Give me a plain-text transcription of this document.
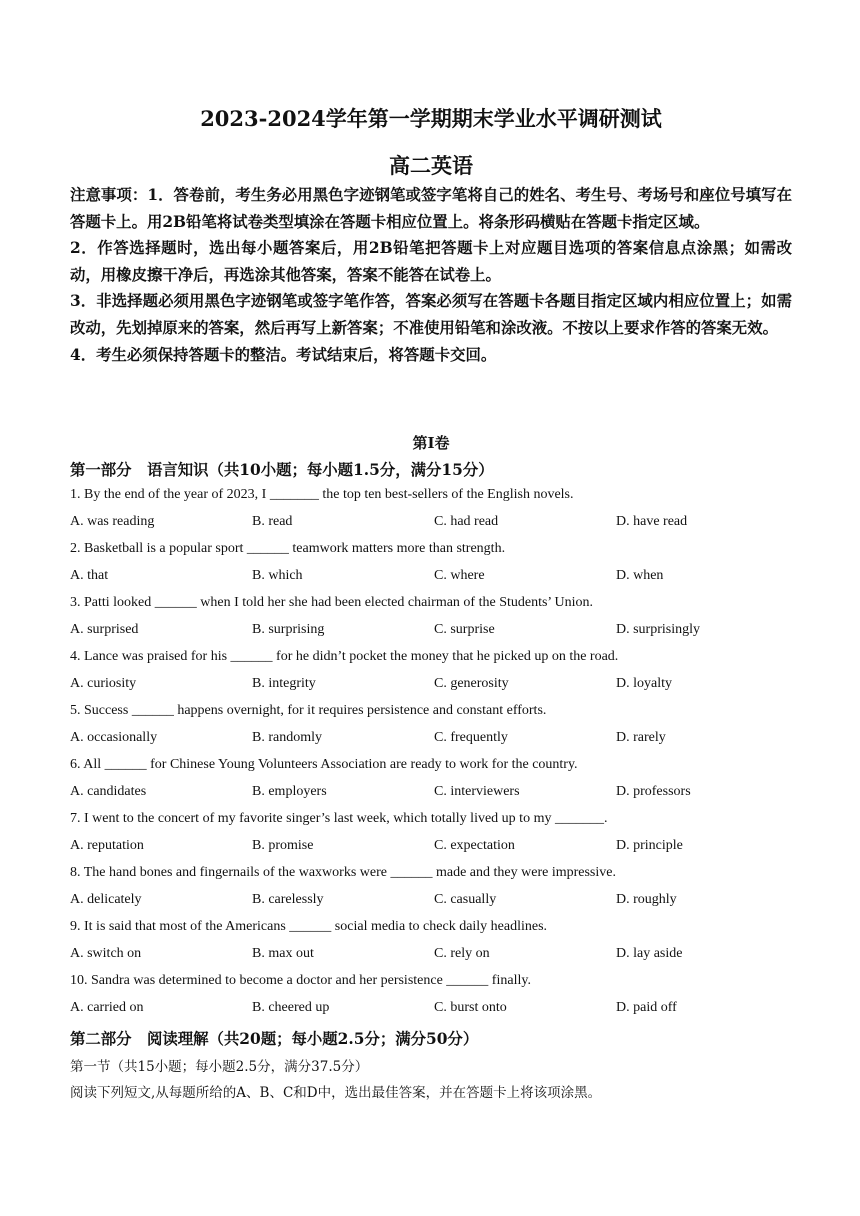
2023-2024学年第一学期期末学业水平调研测试
高二英语

注意事项：1．答卷前，考生务必用黑色字迹钢笔或签字笔将自己的姓名、考生号、考场号和座位号填写在答题卡上。用2B铅笔将试卷类型填涂在答题卡相应位置上。将条形码横贴在答题卡指定区域。

2．作答选择题时，选出每小题答案后，用2B铅笔把答题卡上对应题目选项的答案信息点涂黑；如需改动，用橡皮擦干净后，再选涂其他答案，答案不能答在试卷上。

3．非选择题必须用黑色字迹钢笔或签字笔作答，答案必须写在答题卡各题目指定区域内相应位置上；如需改动，先划掉原来的答案，然后再写上新答案；不准使用铅笔和涂改液。不按以上要求作答的答案无效。

4．考生必须保持答题卡的整洁。考试结束后，将答题卡交回。

第I卷
第一部分　语言知识（共10小题；每小题1.5分，满分15分）
1. By the end of the year of 2023, I _______ the top ten best-sellers of the English novels.
A. was reading	B. read	C. had read	D. have read
2. Basketball is a popular sport ______ teamwork matters more than strength.
A. that	B. which	C. where	D. when
3. Patti looked ______ when I told her she had been elected chairman of the Students’ Union.
A. surprised	B. surprising	C. surprise	D. surprisingly
4. Lance was praised for his ______ for he didn’t pocket the money that he picked up on the road.
A. curiosity	B. integrity	C. generosity	D. loyalty
5. Success ______ happens overnight, for it requires persistence and constant efforts.
A. occasionally	B. randomly	C. frequently	D. rarely
6. All ______ for Chinese Young Volunteers Association are ready to work for the country.
A. candidates	B. employers	C. interviewers	D. professors
7. I went to the concert of my favorite singer’s last week, which totally lived up to my _______.
A. reputation	B. promise	C. expectation	D. principle
8. The hand bones and fingernails of the waxworks were ______ made and they were impressive.
A. delicately	B. carelessly	C. casually	D. roughly
9. It is said that most of the Americans ______ social media to check daily headlines.
A. switch on	B. max out	C. rely on	D. lay aside
10. Sandra was determined to become a doctor and her persistence ______ finally.
A. carried on	B. cheered up	C. burst onto	D. paid off
第二部分　阅读理解（共20题；每小题2.5分；满分50分）
第一节（共15小题；每小题2.5分，满分37.5分）
阅读下列短文,从每题所给的A、B、C和D中，选出最佳答案，并在答题卡上将该项涂黑。
